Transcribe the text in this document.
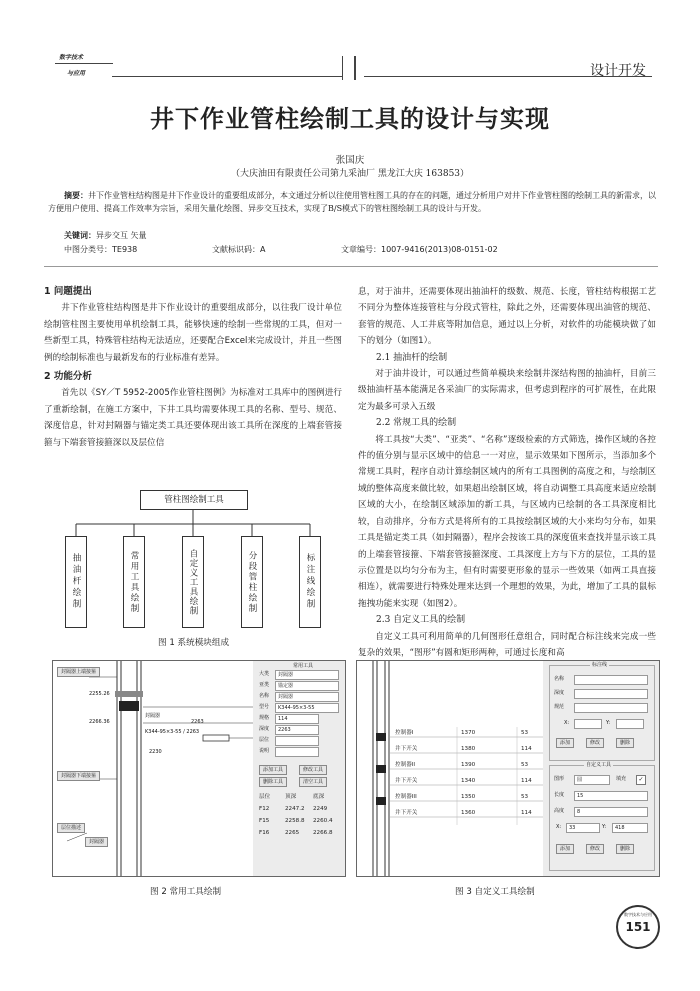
数字技术
与应用	设计开发
井下作业管柱绘制工具的设计与实现
张国庆
（大庆油田有限责任公司第九采油厂 黑龙江大庆 163853）
摘要：井下作业管柱结构图是井下作业设计的重要组成部分，本文通过分析以往使用管柱图工具的存在的问题，通过分析用户对井下作业管柱图的绘制工具的新需求，以方便用户使用、提高工作效率为宗旨，采用矢量化绘图、异步交互技术，实现了B/S模式下的管柱图绘制工具的设计与开发。
关键词：异步交互 矢量
中图分类号：TE938	文献标识码：A	文章编号：1007-9416(2013)08-0151-02
1 问题提出

井下作业管柱结构图是井下作业设计的重要组成部分，以往我厂设计单位绘制管柱图主要使用单机绘制工具，能够快速的绘制一些常规的工具，但对一些新型工具，特殊管柱结构无法适应，还要配合Excel来完成设计，并且一些图例的绘制标准也与最新发布的行业标准有差异。

2 功能分析

首先以《SY／T 5952-2005作业管柱图例》为标准对工具库中的图例进行了重新绘制，在施工方案中，下井工具均需要体现工具的名称、型号、规范、深度信息，针对封隔器与锚定类工具还要体现出该工具所在深度的上端套管接箍与下端套管接箍深以及层位信

息，对于油井，还需要体现出抽油杆的级数、规范、长度，管柱结构根据工艺不同分为整体连接管柱与分段式管柱，除此之外，还需要体现出油管的规范、套管的规范、人工井底等附加信息，通过以上分析，对软件的功能模块做了如下的划分（如图1）。

2.1 抽油杆的绘制

对于油井设计，可以通过些简单模块来绘制井深结构图的抽油杆，目前三级抽油杆基本能满足各采油厂的实际需求，但考虑到程序的可扩展性，在此限定为最多可录入五级

2.2 常规工具的绘制

将工具按“大类”、“亚类”、“名称”逐级检索的方式筛选，操作区域的各控件的值分别与显示区域中的信息一一对应，显示效果如下图所示，当添加多个常规工具时，程序自动计算绘制区域内的所有工具图例的高度之和，与绘制区域的整体高度来做比较，如果超出绘制区域，将自动调整工具高度来适应绘制区域的大小，在绘制区域添加的新工具，与区域内已绘制的各工具深度相比较，自动排序，分布方式是将所有的工具按绘制区域的大小来均匀分布，如果工具是锚定类工具（如封隔器），程序会按该工具的深度值来查找并显示该工具的上端套管接箍、下端套管接箍深度、工具深度上方与下方的层位，工具的显示位置是以均匀分布为主，但有时需要更形象的显示一些效果（如两工具直接相连），就需要进行特殊处理来达到一个理想的效果，为此，增加了工具的鼠标拖拽功能来实现（如图2）。

2.3 自定义工具的绘制

自定义工具可利用简单的几何图形任意组合，同时配合标注线来完成一些复杂的效果，“图形”有圆和矩形两种，可通过长度和高

管柱图绘制工具
抽油杆绘制	常用工具绘制	自定义工具绘制	分段管柱绘制	标注线绘制
图 1 系统模块组成
封隔器上端接箍
封隔器下端接箍
层位描述
封隔器
2255.26
2266.36	2263
2230
封隔器
K344-95×3-55 / 2263
常用工具
大类	封隔器
亚类	锚定器
名称	封隔器
型号	K344-95×3-55
规格	114
深度	2263
层位
说明
添加工具	修改工具
删除工具	清空工具
层位	顶深	底深
F12	2247.2 2249
F15	2258.8 2260.4
F16	2265 2266.8
图 2 常用工具绘制
控制器I	1370	53
井下开关	1380	114
控制器II	1390	53
井下开关	1340	114
控制器III	1350	53
井下开关	1360	114
标注线
名称
深度
规范
X:	Y:
添加	修改	删除
自定义工具
图形	圆	填充	✓
长度	15
高度	8
X:	33	Y:	418
添加	修改	删除
图 3 自定义工具绘制
数字技术与应用
151
